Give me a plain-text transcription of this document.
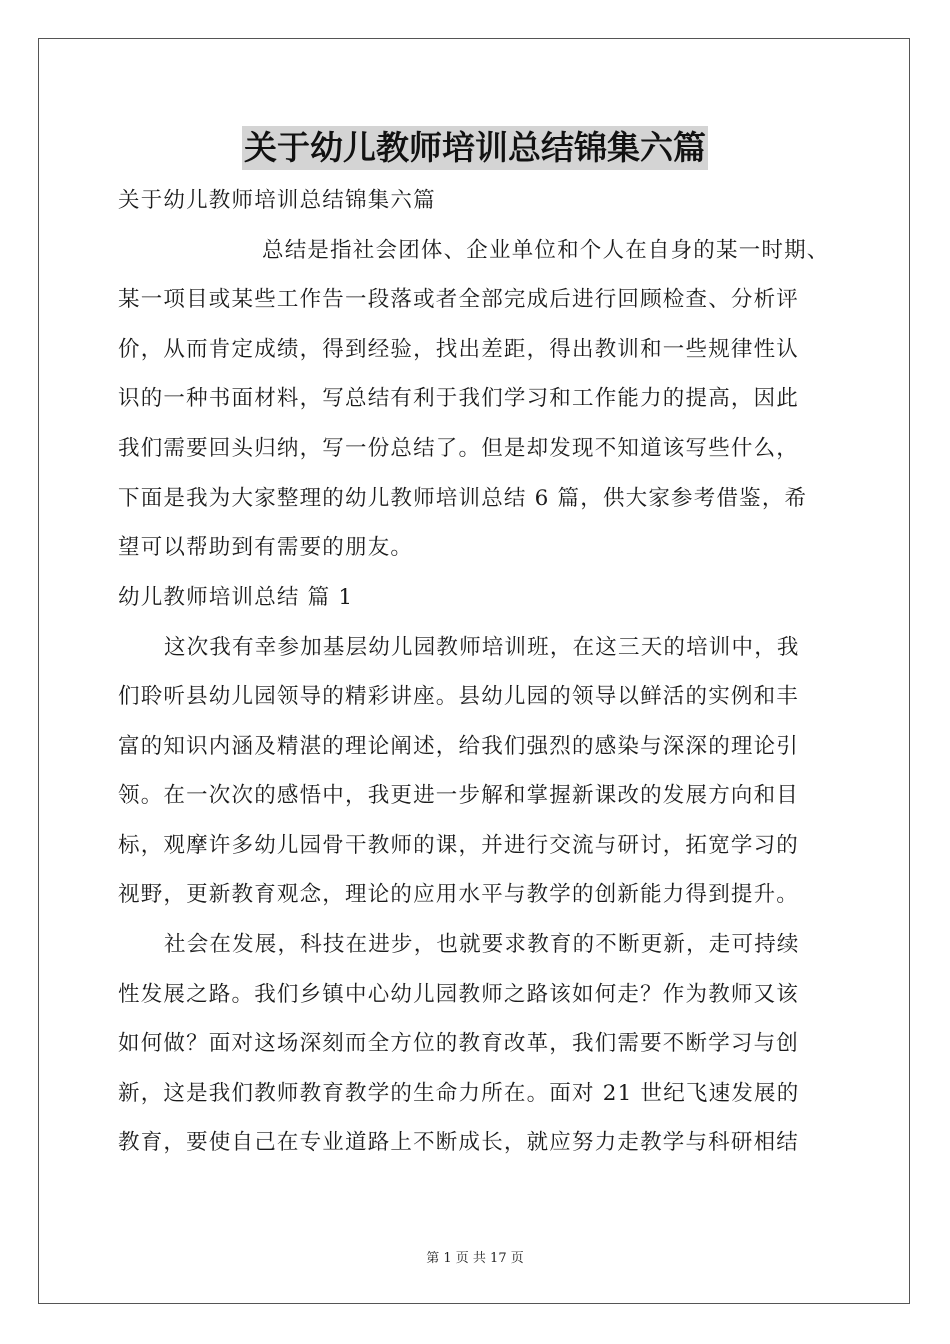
关于幼儿教师培训总结锦集六篇
关于幼儿教师培训总结锦集六篇
总结是指社会团体、企业单位和个人在自身的某一时期、
某一项目或某些工作告一段落或者全部完成后进行回顾检查、分析评
价，从而肯定成绩，得到经验，找出差距，得出教训和一些规律性认
识的一种书面材料，写总结有利于我们学习和工作能力的提高，因此
我们需要回头归纳，写一份总结了。但是却发现不知道该写些什么，
下面是我为大家整理的幼儿教师培训总结 6 篇，供大家参考借鉴，希
望可以帮助到有需要的朋友。
幼儿教师培训总结 篇 1
这次我有幸参加基层幼儿园教师培训班，在这三天的培训中，我
们聆听县幼儿园领导的精彩讲座。县幼儿园的领导以鲜活的实例和丰
富的知识内涵及精湛的理论阐述，给我们强烈的感染与深深的理论引
领。在一次次的感悟中，我更进一步解和掌握新课改的发展方向和目
标，观摩许多幼儿园骨干教师的课，并进行交流与研讨，拓宽学习的
视野，更新教育观念，理论的应用水平与教学的创新能力得到提升。
社会在发展，科技在进步，也就要求教育的不断更新，走可持续
性发展之路。我们乡镇中心幼儿园教师之路该如何走？作为教师又该
如何做？面对这场深刻而全方位的教育改革，我们需要不断学习与创
新，这是我们教师教育教学的生命力所在。面对 21 世纪飞速发展的
教育，要使自己在专业道路上不断成长，就应努力走教学与科研相结
第 1 页 共 17 页
